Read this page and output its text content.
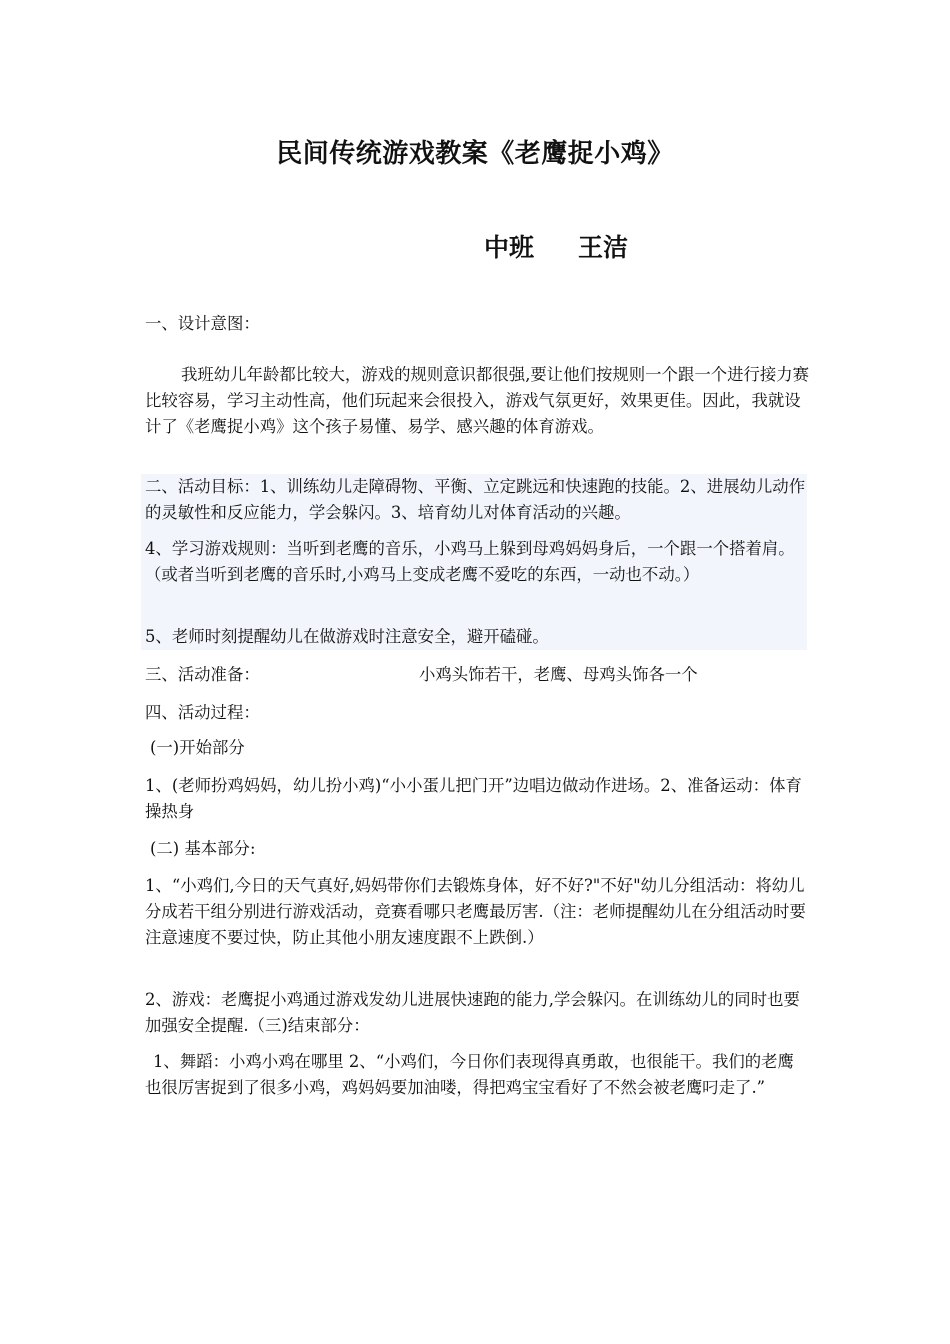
民间传统游戏教案《老鹰捉小鸡》
中班 王洁
一、设计意图：
我班幼儿年龄都比较大，游戏的规则意识都很强,要让他们按规则一个跟一个进行接力赛比较容易，学习主动性高，他们玩起来会很投入，游戏气氛更好，效果更佳。因此，我就设计了《老鹰捉小鸡》这个孩子易懂、易学、感兴趣的体育游戏。
二、活动目标：1、训练幼儿走障碍物、平衡、立定跳远和快速跑的技能。2、进展幼儿动作的灵敏性和反应能力，学会躲闪。3、培育幼儿对体育活动的兴趣。
4、学习游戏规则：当听到老鹰的音乐，小鸡马上躲到母鸡妈妈身后，一个跟一个搭着肩。（或者当听到老鹰的音乐时,小鸡马上变成老鹰不爱吃的东西，一动也不动。）
5、老师时刻提醒幼儿在做游戏时注意安全，避开磕碰。
三、活动准备：	小鸡头饰若干，老鹰、母鸡头饰各一个
四、活动过程：
(一)开始部分
1、(老师扮鸡妈妈，幼儿扮小鸡)“小小蛋儿把门开”边唱边做动作进场。2、准备运动：体育操热身
(二) 基本部分:
1、“小鸡们,今日的天气真好,妈妈带你们去锻炼身体，好不好?"不好"幼儿分组活动：将幼儿分成若干组分别进行游戏活动，竞赛看哪只老鹰最厉害.（注：老师提醒幼儿在分组活动时要注意速度不要过快，防止其他小朋友速度跟不上跌倒.）
2、游戏：老鹰捉小鸡通过游戏发幼儿进展快速跑的能力,学会躲闪。在训练幼儿的同时也要加强安全提醒.（三)结束部分：
1、舞蹈：小鸡小鸡在哪里 2、“小鸡们，今日你们表现得真勇敢，也很能干。我们的老鹰也很厉害捉到了很多小鸡，鸡妈妈要加油喽，得把鸡宝宝看好了不然会被老鹰叼走了.”
